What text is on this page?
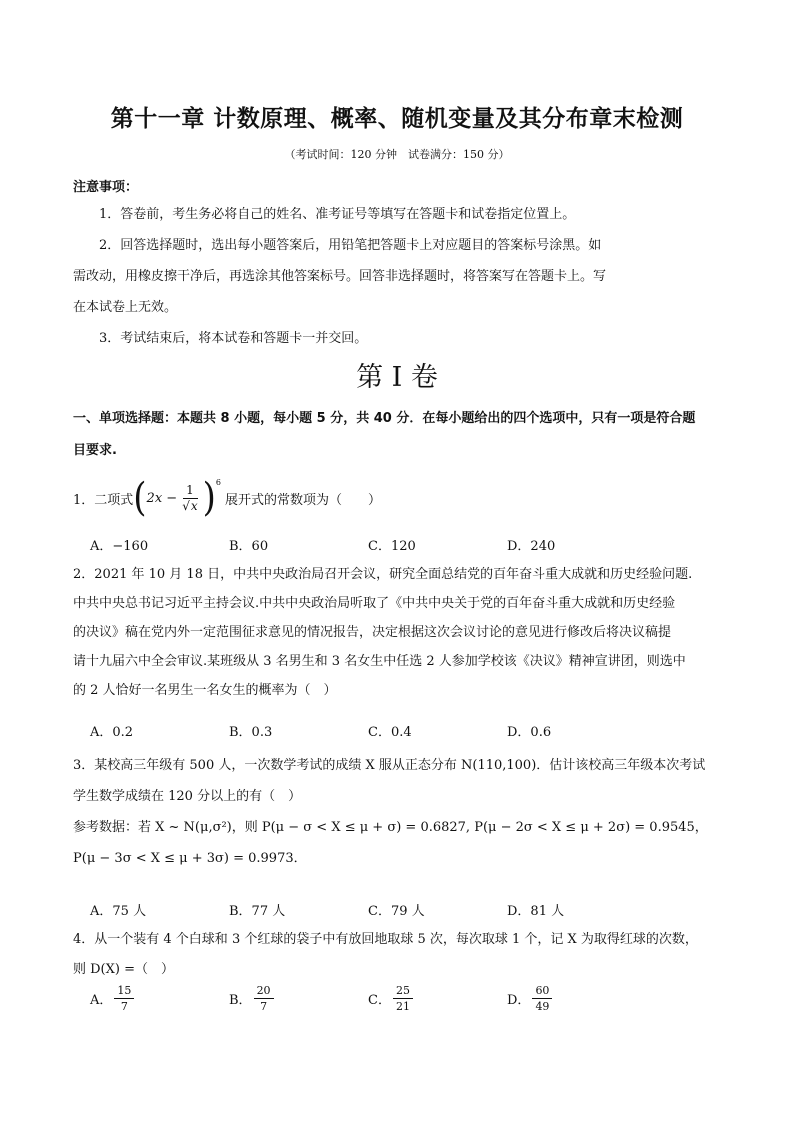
第十一章 计数原理、概率、随机变量及其分布章末检测
（考试时间：120 分钟　试卷满分：150 分）
注意事项：
1．答卷前，考生务必将自己的姓名、准考证号等填写在答题卡和试卷指定位置上。
2．回答选择题时，选出每小题答案后，用铅笔把答题卡上对应题目的答案标号涂黑。如
需改动，用橡皮擦干净后，再选涂其他答案标号。回答非选择题时，将答案写在答题卡上。写
在本试卷上无效。
3．考试结束后，将本试卷和答题卡一并交回。
第 I 卷
一、单项选择题：本题共 8 小题，每小题 5 分，共 40 分．在每小题给出的四个选项中，只有一项是符合题
目要求.
1．二项式 ( $2x - \frac{1}{√x}$ ) 6
展开式的常数项为（　　）
A．−160	B．60	C．120	D．240
2．2021 年 10 月 18 日，中共中央政治局召开会议，研究全面总结党的百年奋斗重大成就和历史经验问题.
中共中央总书记习近平主持会议.中共中央政治局听取了《中共中央关于党的百年奋斗重大成就和历史经验
的决议》稿在党内外一定范围征求意见的情况报告，决定根据这次会议讨论的意见进行修改后将决议稿提
请十九届六中全会审议.某班级从 3 名男生和 3 名女生中任选 2 人参加学校该《决议》精神宣讲团，则选中
的 2 人恰好一名男生一名女生的概率为（　）
A．0.2	B．0.3	C．0.4	D．0.6
3．某校高三年级有 500 人，一次数学考试的成绩 X 服从正态分布 N(110,100)．估计该校高三年级本次考试
学生数学成绩在 120 分以上的有（　）
参考数据：若 X ~ N(μ,σ²)，则 P(μ − σ < X ≤ μ + σ) = 0.6827, P(μ − 2σ < X ≤ μ + 2σ) = 0.9545，
P(μ − 3σ < X ≤ μ + 3σ) = 0.9973．
A．75 人	B．77 人	C．79 人	D．81 人
4．从一个装有 4 个白球和 3 个红球的袋子中有放回地取球 5 次，每次取球 1 个，记 X 为取得红球的次数，
则 D(X) =（　）
A． $\frac{15}{7}$	B． $\frac{20}{7}$	C． $\frac{25}{21}$	D． $\frac{60}{49}$
